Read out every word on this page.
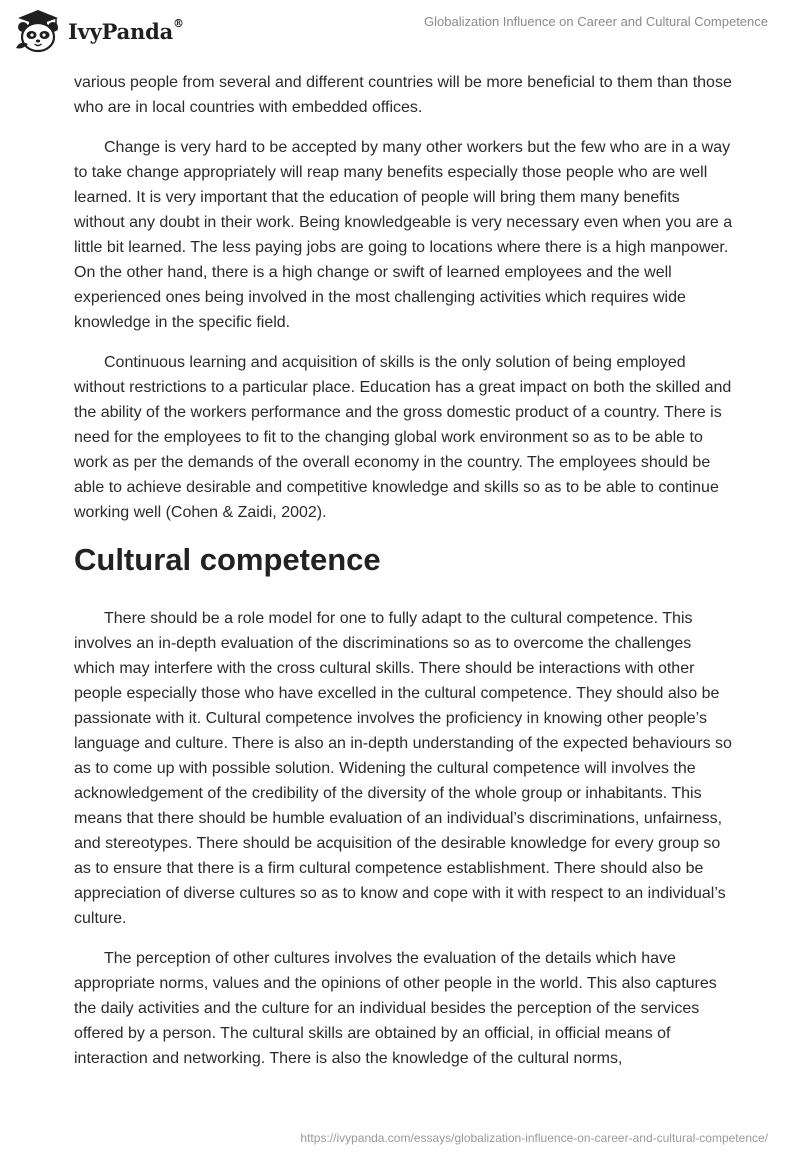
IvyPanda®	Globalization Influence on Career and Cultural Competence

various people from several and different countries will be more beneficial to them than those who are in local countries with embedded offices.

Change is very hard to be accepted by many other workers but the few who are in a way to take change appropriately will reap many benefits especially those people who are well learned. It is very important that the education of people will bring them many benefits without any doubt in their work. Being knowledgeable is very necessary even when you are a little bit learned. The less paying jobs are going to locations where there is a high manpower. On the other hand, there is a high change or swift of learned employees and the well experienced ones being involved in the most challenging activities which requires wide knowledge in the specific field.

Continuous learning and acquisition of skills is the only solution of being employed without restrictions to a particular place. Education has a great impact on both the skilled and the ability of the workers performance and the gross domestic product of a country. There is need for the employees to fit to the changing global work environment so as to be able to work as per the demands of the overall economy in the country. The employees should be able to achieve desirable and competitive knowledge and skills so as to be able to continue working well (Cohen & Zaidi, 2002).

Cultural competence

There should be a role model for one to fully adapt to the cultural competence. This involves an in-depth evaluation of the discriminations so as to overcome the challenges which may interfere with the cross cultural skills. There should be interactions with other people especially those who have excelled in the cultural competence. They should also be passionate with it. Cultural competence involves the proficiency in knowing other people’s language and culture. There is also an in-depth understanding of the expected behaviours so as to come up with possible solution. Widening the cultural competence will involves the acknowledgement of the credibility of the diversity of the whole group or inhabitants. This means that there should be humble evaluation of an individual’s discriminations, unfairness, and stereotypes. There should be acquisition of the desirable knowledge for every group so as to ensure that there is a firm cultural competence establishment. There should also be appreciation of diverse cultures so as to know and cope with it with respect to an individual’s culture.

The perception of other cultures involves the evaluation of the details which have appropriate norms, values and the opinions of other people in the world. This also captures the daily activities and the culture for an individual besides the perception of the services offered by a person. The cultural skills are obtained by an official, in official means of interaction and networking. There is also the knowledge of the cultural norms,

https://ivypanda.com/essays/globalization-influence-on-career-and-cultural-competence/
